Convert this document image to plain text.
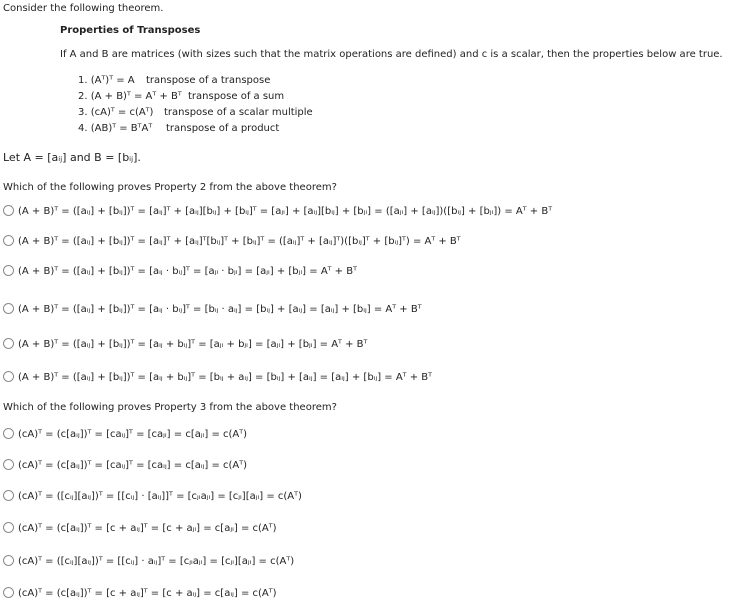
Consider the following theorem.
Properties of Transposes
If A and B are matrices (with sizes such that the matrix operations are defined) and c is a scalar, then the properties below are true.
1. (Aᵀ)ᵀ = A transpose of a transpose
2. (A + B)ᵀ = Aᵀ + Bᵀ transpose of a sum
3. (cA)ᵀ = c(Aᵀ) transpose of a scalar multiple
4. (AB)ᵀ = BᵀAᵀ transpose of a product
Let A = [aᵢⱼ] and B = [bᵢⱼ].
Which of the following proves Property 2 from the above theorem?
(A + B)ᵀ = ([aᵢⱼ] + [bᵢⱼ])ᵀ = [aᵢⱼ]ᵀ + [aᵢⱼ][bᵢⱼ] + [bᵢⱼ]ᵀ = [aⱼᵢ] + [aᵢⱼ][bᵢⱼ] + [bⱼᵢ] = ([aⱼᵢ] + [aᵢⱼ])([bᵢⱼ] + [bⱼᵢ]) = Aᵀ + Bᵀ
(A + B)ᵀ = ([aᵢⱼ] + [bᵢⱼ])ᵀ = [aᵢⱼ]ᵀ + [aᵢⱼ]ᵀ[bᵢⱼ]ᵀ + [bᵢⱼ]ᵀ = ([aᵢⱼ]ᵀ + [aᵢⱼ]ᵀ)([bᵢⱼ]ᵀ + [bᵢⱼ]ᵀ) = Aᵀ + Bᵀ
(A + B)ᵀ = ([aᵢⱼ] + [bᵢⱼ])ᵀ = [aᵢⱼ · bᵢⱼ]ᵀ = [aⱼᵢ · bⱼᵢ] = [aⱼᵢ] + [bⱼᵢ] = Aᵀ + Bᵀ
(A + B)ᵀ = ([aᵢⱼ] + [bᵢⱼ])ᵀ = [aᵢⱼ · bᵢⱼ]ᵀ = [bᵢⱼ · aᵢⱼ] = [bᵢⱼ] + [aᵢⱼ] = [aᵢⱼ] + [bᵢⱼ] = Aᵀ + Bᵀ
(A + B)ᵀ = ([aᵢⱼ] + [bᵢⱼ])ᵀ = [aᵢⱼ + bᵢⱼ]ᵀ = [aⱼᵢ + bⱼᵢ] = [aⱼᵢ] + [bⱼᵢ] = Aᵀ + Bᵀ
(A + B)ᵀ = ([aᵢⱼ] + [bᵢⱼ])ᵀ = [aᵢⱼ + bᵢⱼ]ᵀ = [bᵢⱼ + aᵢⱼ] = [bᵢⱼ] + [aᵢⱼ] = [aᵢⱼ] + [bᵢⱼ] = Aᵀ + Bᵀ
Which of the following proves Property 3 from the above theorem?
(cA)ᵀ = (c[aᵢⱼ])ᵀ = [caᵢⱼ]ᵀ = [caⱼᵢ] = c[aⱼᵢ] = c(Aᵀ)
(cA)ᵀ = (c[aᵢⱼ])ᵀ = [caᵢⱼ]ᵀ = [caᵢⱼ] = c[aᵢⱼ] = c(Aᵀ)
(cA)ᵀ = ([cᵢⱼ][aᵢⱼ])ᵀ = [[cᵢⱼ] · [aᵢⱼ]]ᵀ = [cⱼᵢaⱼᵢ] = [cⱼᵢ][aⱼᵢ] = c(Aᵀ)
(cA)ᵀ = (c[aᵢⱼ])ᵀ = [c + aᵢⱼ]ᵀ = [c + aⱼᵢ] = c[aⱼᵢ] = c(Aᵀ)
(cA)ᵀ = ([cᵢⱼ][aᵢⱼ])ᵀ = [[cᵢⱼ] · aᵢⱼ]ᵀ = [cⱼᵢaⱼᵢ] = [cⱼᵢ][aⱼᵢ] = c(Aᵀ)
(cA)ᵀ = (c[aᵢⱼ])ᵀ = [c + aᵢⱼ]ᵀ = [c + aᵢⱼ] = c[aᵢⱼ] = c(Aᵀ)
